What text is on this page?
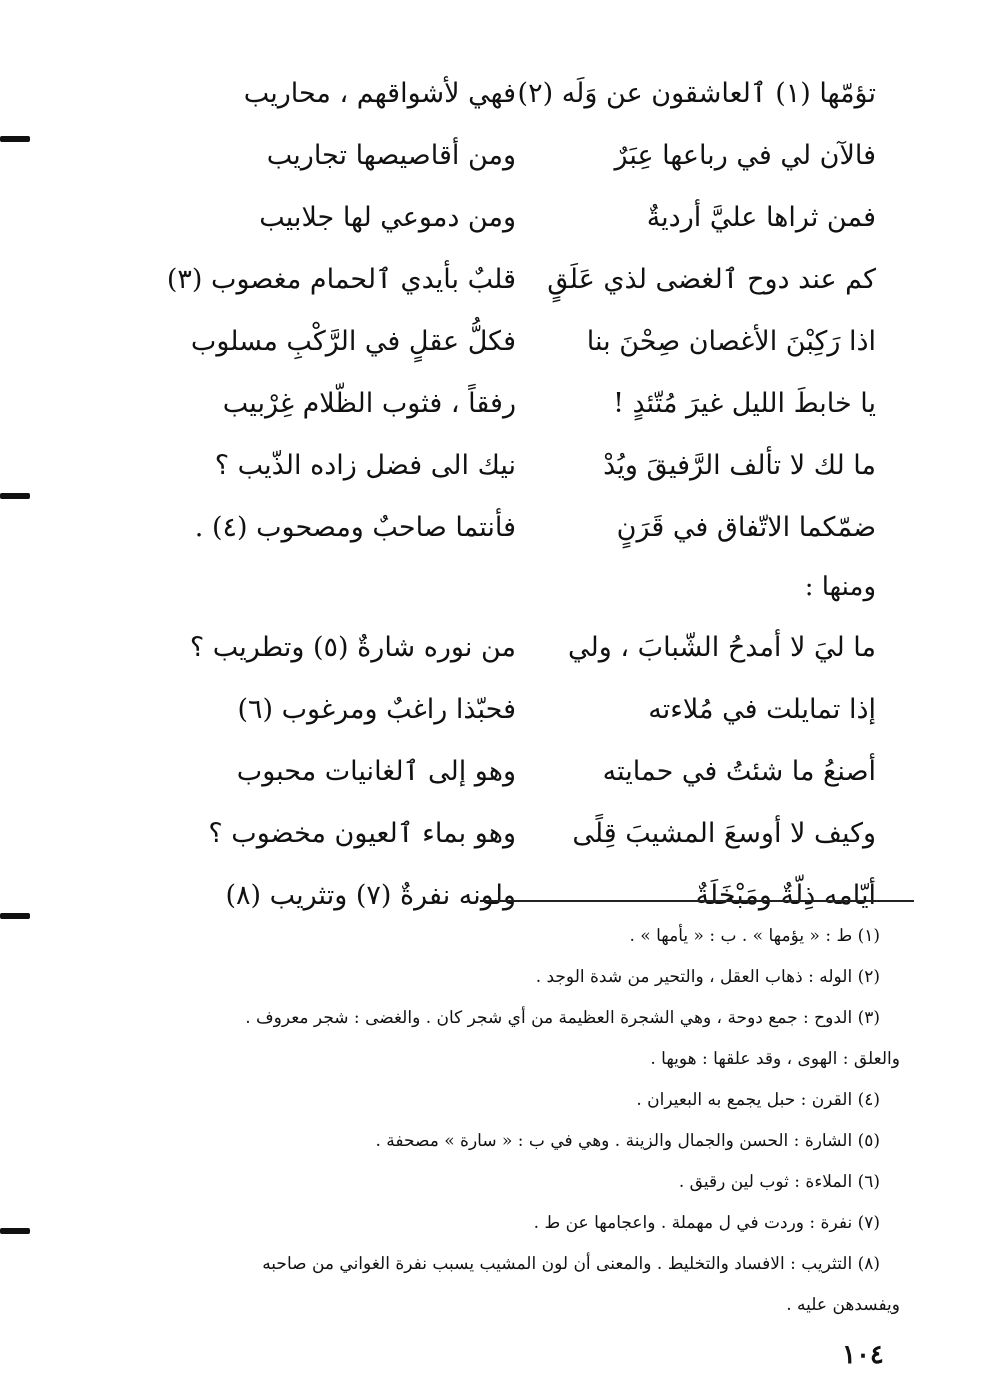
تؤمّها (١) ٱلعاشقون عن وَلَه (٢)
فهي لأشواقهم ، محاريب
فالآن لي في رباعها عِبَرٌ
ومن أقاصيصها تجاريب
فمن ثراها عليَّ أرديةٌ
ومن دموعي لها جلابيب
كم عند دوح ٱلغضى لذي عَلَقٍ
قلبٌ بأيدي ٱلحمام مغصوب (٣)
اذا رَكِبْنَ الأغصان صِحْنَ بنا
فكلُّ عقلٍ في الرَّكْبِ مسلوب
يا خابطَ الليل غيرَ مُتّئدٍ !
رفقاً ، فثوب الظّلام غِرْبيب
ما لك لا تألف الرَّفيقَ ويُدْ
نيك الى فضل زاده الذّيب ؟
ضمّكما الاتّفاق في قَرَنٍ
فأنتما صاحبٌ ومصحوب (٤) .
ومنها :
ما ليَ لا أمدحُ الشّبابَ ، ولي
من نوره شارةٌ (٥) وتطريب ؟
إذا تمايلت في مُلاءته
فحبّذا راغبٌ ومرغوب (٦)
أصنعُ ما شئتُ في حمايته
وهو إلى ٱلغانيات محبوب
وكيف لا أوسعَ المشيبَ قِلًى
وهو بماء ٱلعيون مخضوب ؟
أيّامه ذِلّةٌ ومَبْخَلَةٌ
ولونه نفرةٌ (٧) وتثريب (٨)
(١) ط : « يؤمها » . ب : « يأمها » .
(٢) الوله : ذهاب العقل ، والتحير من شدة الوجد .
(٣) الدوح : جمع دوحة ، وهي الشجرة العظيمة من أي شجر كان . والغضى : شجر معروف .
والعلق : الهوى ، وقد علقها : هويها .
(٤) القرن : حبل يجمع به البعيران .
(٥) الشارة : الحسن والجمال والزينة . وهي في ب : « سارة » مصحفة .
(٦) الملاءة : ثوب لين رقيق .
(٧) نفرة : وردت في ل مهملة . واعجامها عن ط .
(٨) التثريب : الافساد والتخليط . والمعنى أن لون المشيب يسبب نفرة الغواني من صاحبه
ويفسدهن عليه .
١٠٤
